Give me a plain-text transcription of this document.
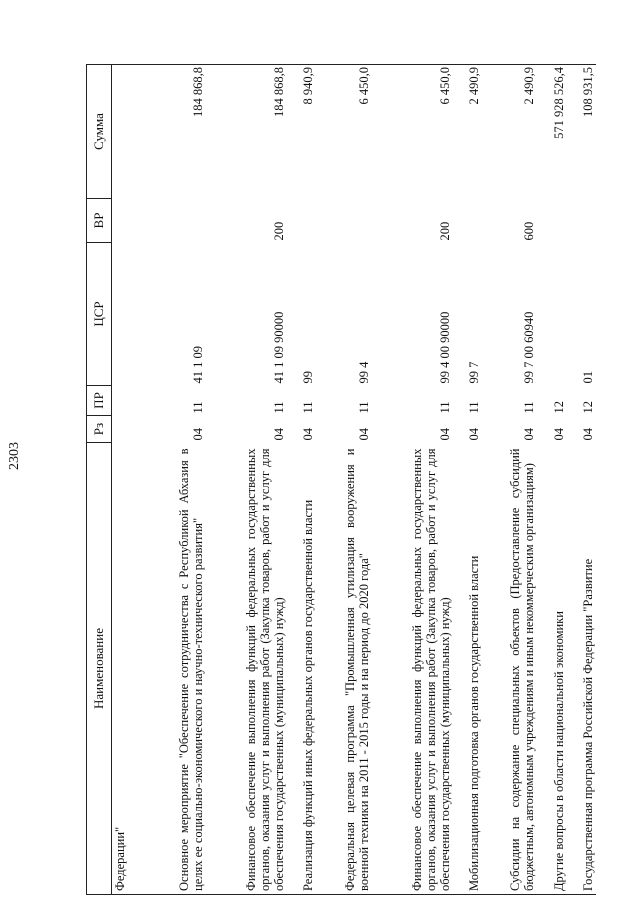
2303
Наименование	Рз	ПР	ЦСР	ВР	Сумма
Федерации"					
Основное мероприятие "Обеспечение сотрудничества с Республикой Абхазия в целях ее социально-экономического и научно-технического развития"	04	11	41 1 09		184 868,8
Финансовое обеспечение выполнения функций федеральных государственных органов, оказания услуг и выполнения работ (Закупка товаров, работ и услуг для обеспечения государственных (муниципальных) нужд)	04	11	41 1 09 90000	200	184 868,8
Реализация функций иных федеральных органов государственной власти	04	11	99		8 940,9
Федеральная целевая программа "Промышленная утилизация вооружения и военной техники на 2011 - 2015 годы и на период до 2020 года"	04	11	99 4		6 450,0
Финансовое обеспечение выполнения функций федеральных государственных органов, оказания услуг и выполнения работ (Закупка товаров, работ и услуг для обеспечения государственных (муниципальных) нужд)	04	11	99 4 00 90000	200	6 450,0
Мобилизационная подготовка органов государственной власти	04	11	99 7		2 490,9
Субсидии на содержание специальных объектов (Предоставление субсидий бюджетным, автономным учреждениям и иным некоммерческим организациям)	04	11	99 7 00 60940	600	2 490,9
Другие вопросы в области национальной экономики	04	12			571 928 526,4
Государственная программа Российской Федерации "Развитие	04	12	01		108 931,5
